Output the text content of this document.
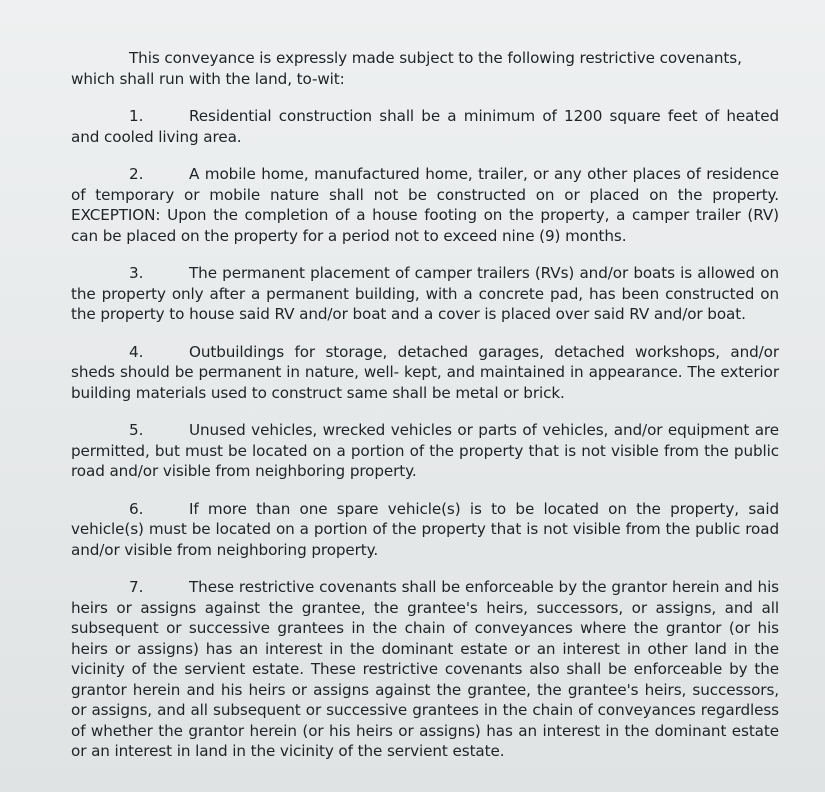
This conveyance is expressly made subject to the following restrictive covenants, which shall run with the land, to-wit:

1.	Residential construction shall be a minimum of 1200 square feet of heated and cooled living area.

2.	A mobile home, manufactured home, trailer, or any other places of residence of temporary or mobile nature shall not be constructed on or placed on the property. EXCEPTION: Upon the completion of a house footing on the property, a camper trailer (RV) can be placed on the property for a period not to exceed nine (9) months.

3.	The permanent placement of camper trailers (RVs) and/or boats is allowed on the property only after a permanent building, with a concrete pad, has been constructed on the property to house said RV and/or boat and a cover is placed over said RV and/or boat.

4.	Outbuildings for storage, detached garages, detached workshops, and/or sheds should be permanent in nature, well- kept, and maintained in appearance. The exterior building materials used to construct same shall be metal or brick.

5.	Unused vehicles, wrecked vehicles or parts of vehicles, and/or equipment are permitted, but must be located on a portion of the property that is not visible from the public road and/or visible from neighboring property.

6.	If more than one spare vehicle(s) is to be located on the property, said vehicle(s) must be located on a portion of the property that is not visible from the public road and/or visible from neighboring property.

7.	These restrictive covenants shall be enforceable by the grantor herein and his heirs or assigns against the grantee, the grantee's heirs, successors, or assigns, and all subsequent or successive grantees in the chain of conveyances where the grantor (or his heirs or assigns) has an interest in the dominant estate or an interest in other land in the vicinity of the servient estate. These restrictive covenants also shall be enforceable by the grantor herein and his heirs or assigns against the grantee, the grantee's heirs, successors, or assigns, and all subsequent or successive grantees in the chain of conveyances regardless of whether the grantor herein (or his heirs or assigns) has an interest in the dominant estate or an interest in land in the vicinity of the servient estate.
